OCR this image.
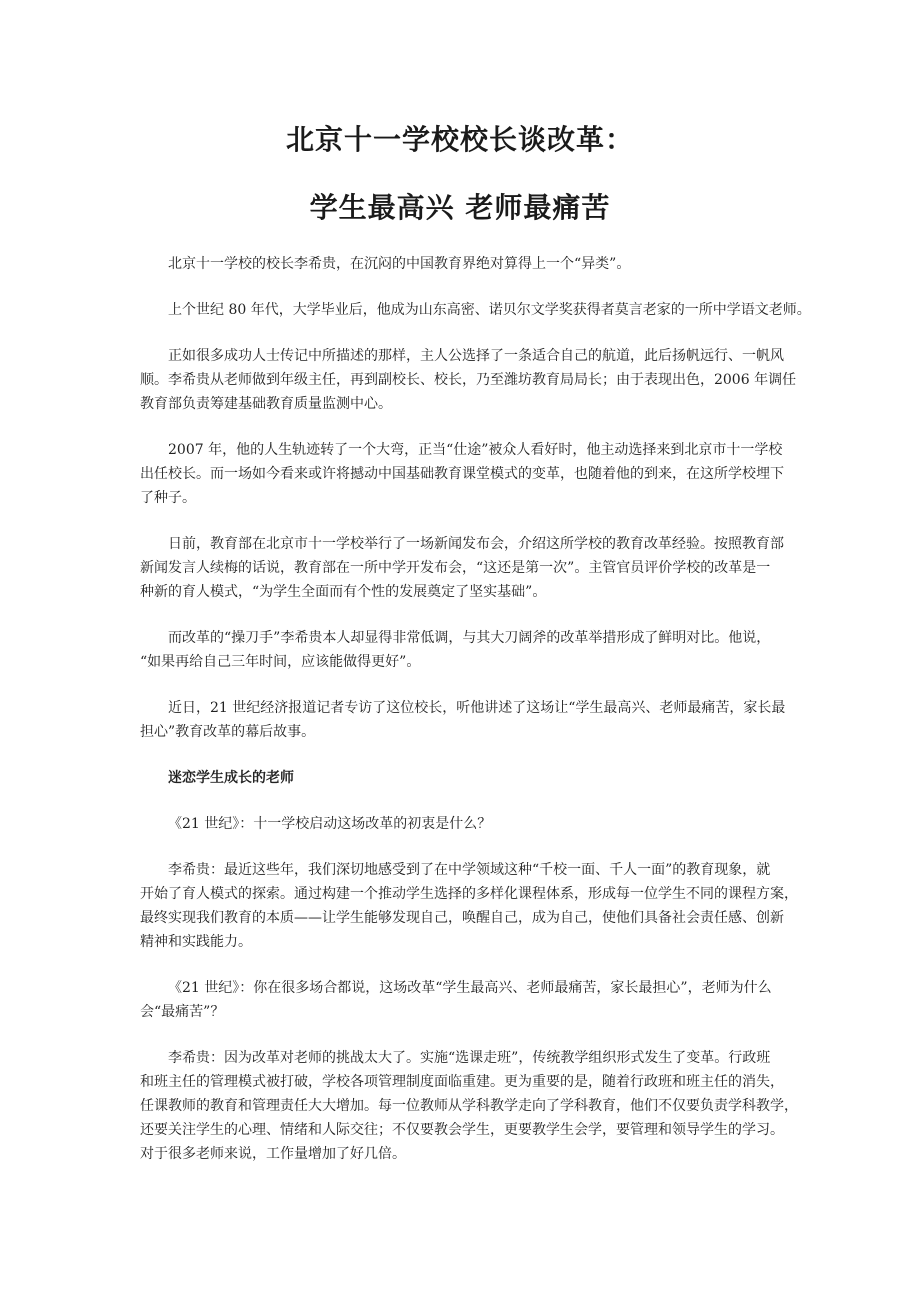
北京十一学校校长谈改革：
学生最高兴 老师最痛苦
北京十一学校的校长李希贵，在沉闷的中国教育界绝对算得上一个“异类”。
上个世纪 80 年代，大学毕业后，他成为山东高密、诺贝尔文学奖获得者莫言老家的一所中学语文老师。
正如很多成功人士传记中所描述的那样，主人公选择了一条适合自己的航道，此后扬帆远行、一帆风
顺。李希贵从老师做到年级主任，再到副校长、校长，乃至潍坊教育局局长；由于表现出色，2006 年调任
教育部负责筹建基础教育质量监测中心。
2007 年，他的人生轨迹转了一个大弯，正当“仕途”被众人看好时，他主动选择来到北京市十一学校
出任校长。而一场如今看来或许将撼动中国基础教育课堂模式的变革，也随着他的到来，在这所学校埋下
了种子。
日前，教育部在北京市十一学校举行了一场新闻发布会，介绍这所学校的教育改革经验。按照教育部
新闻发言人续梅的话说，教育部在一所中学开发布会，“这还是第一次”。主管官员评价学校的改革是一
种新的育人模式，“为学生全面而有个性的发展奠定了坚实基础”。
而改革的“操刀手”李希贵本人却显得非常低调，与其大刀阔斧的改革举措形成了鲜明对比。他说，
“如果再给自己三年时间，应该能做得更好”。
近日，21 世纪经济报道记者专访了这位校长，听他讲述了这场让“学生最高兴、老师最痛苦，家长最
担心”教育改革的幕后故事。
迷恋学生成长的老师
《21 世纪》：十一学校启动这场改革的初衷是什么？
李希贵：最近这些年，我们深切地感受到了在中学领域这种“千校一面、千人一面”的教育现象，就
开始了育人模式的探索。通过构建一个推动学生选择的多样化课程体系，形成每一位学生不同的课程方案，
最终实现我们教育的本质——让学生能够发现自己，唤醒自己，成为自己，使他们具备社会责任感、创新
精神和实践能力。
《21 世纪》：你在很多场合都说，这场改革“学生最高兴、老师最痛苦，家长最担心”，老师为什么
会“最痛苦”？
李希贵：因为改革对老师的挑战太大了。实施“选课走班”，传统教学组织形式发生了变革。行政班
和班主任的管理模式被打破，学校各项管理制度面临重建。更为重要的是，随着行政班和班主任的消失，
任课教师的教育和管理责任大大增加。每一位教师从学科教学走向了学科教育，他们不仅要负责学科教学，
还要关注学生的心理、情绪和人际交往；不仅要教会学生，更要教学生会学，要管理和领导学生的学习。
对于很多老师来说，工作量增加了好几倍。
